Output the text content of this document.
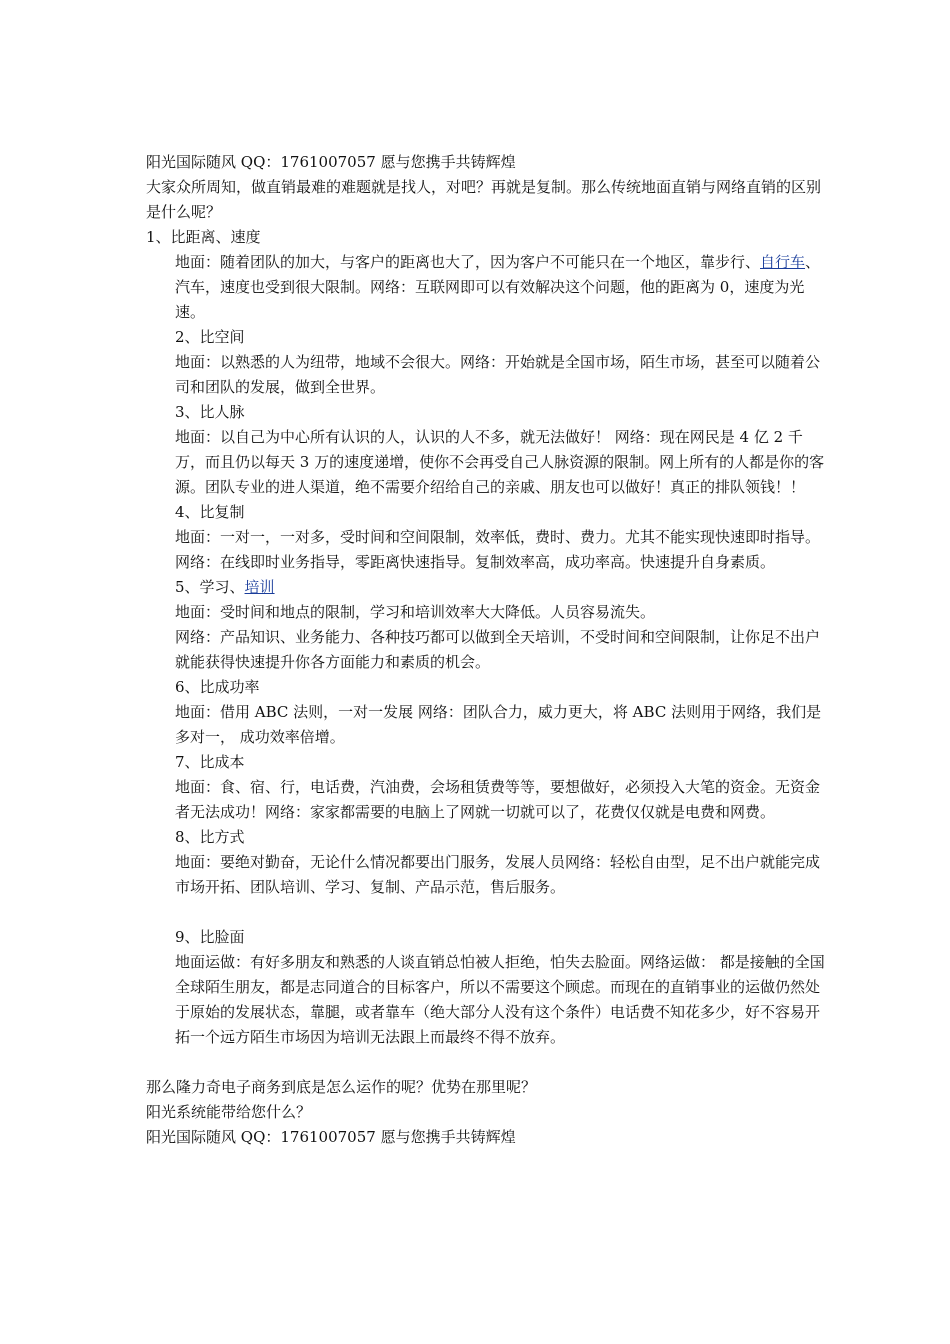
阳光国际随风 QQ：1761007057 愿与您携手共铸辉煌
大家众所周知，做直销最难的难题就是找人，对吧？再就是复制。那么传统地面直销与网络直销的区别是什么呢？
1、比距离、速度
地面：随着团队的加大，与客户的距离也大了，因为客户不可能只在一个地区，靠步行、自行车、汽车，速度也受到很大限制。网络：互联网即可以有效解决这个问题，他的距离为 0，速度为光速。
2、比空间
地面：以熟悉的人为纽带，地域不会很大。网络：开始就是全国市场，陌生市场，甚至可以随着公司和团队的发展，做到全世界。
3、比人脉
地面：以自己为中心所有认识的人，认识的人不多，就无法做好！ 网络：现在网民是 4 亿 2 千万，而且仍以每天 3 万的速度递增，使你不会再受自己人脉资源的限制。网上所有的人都是你的客源。团队专业的进人渠道，绝不需要介绍给自己的亲戚、朋友也可以做好！真正的排队领钱！！
4、比复制
地面：一对一，一对多，受时间和空间限制，效率低，费时、费力。尤其不能实现快速即时指导。网络：在线即时业务指导，零距离快速指导。复制效率高，成功率高。快速提升自身素质。
5、学习、培训
地面：受时间和地点的限制，学习和培训效率大大降低。人员容易流失。
网络：产品知识、业务能力、各种技巧都可以做到全天培训，不受时间和空间限制，让你足不出户就能获得快速提升你各方面能力和素质的机会。
6、比成功率
地面：借用 ABC 法则，一对一发展 网络：团队合力，威力更大，将 ABC 法则用于网络，我们是多对一， 成功效率倍增。
7、比成本
地面：食、宿、行，电话费，汽油费，会场租赁费等等，要想做好，必须投入大笔的资金。无资金者无法成功！网络：家家都需要的电脑上了网就一切就可以了，花费仅仅就是电费和网费。
8、比方式
地面：要绝对勤奋，无论什么情况都要出门服务，发展人员网络：轻松自由型，足不出户就能完成市场开拓、团队培训、学习、复制、产品示范，售后服务。
9、比脸面
地面运做：有好多朋友和熟悉的人谈直销总怕被人拒绝，怕失去脸面。网络运做： 都是接触的全国全球陌生朋友，都是志同道合的目标客户，所以不需要这个顾虑。而现在的直销事业的运做仍然处于原始的发展状态，靠腿，或者靠车（绝大部分人没有这个条件）电话费不知花多少，好不容易开拓一个远方陌生市场因为培训无法跟上而最终不得不放弃。
那么隆力奇电子商务到底是怎么运作的呢？优势在那里呢？
阳光系统能带给您什么？
阳光国际随风 QQ：1761007057 愿与您携手共铸辉煌
